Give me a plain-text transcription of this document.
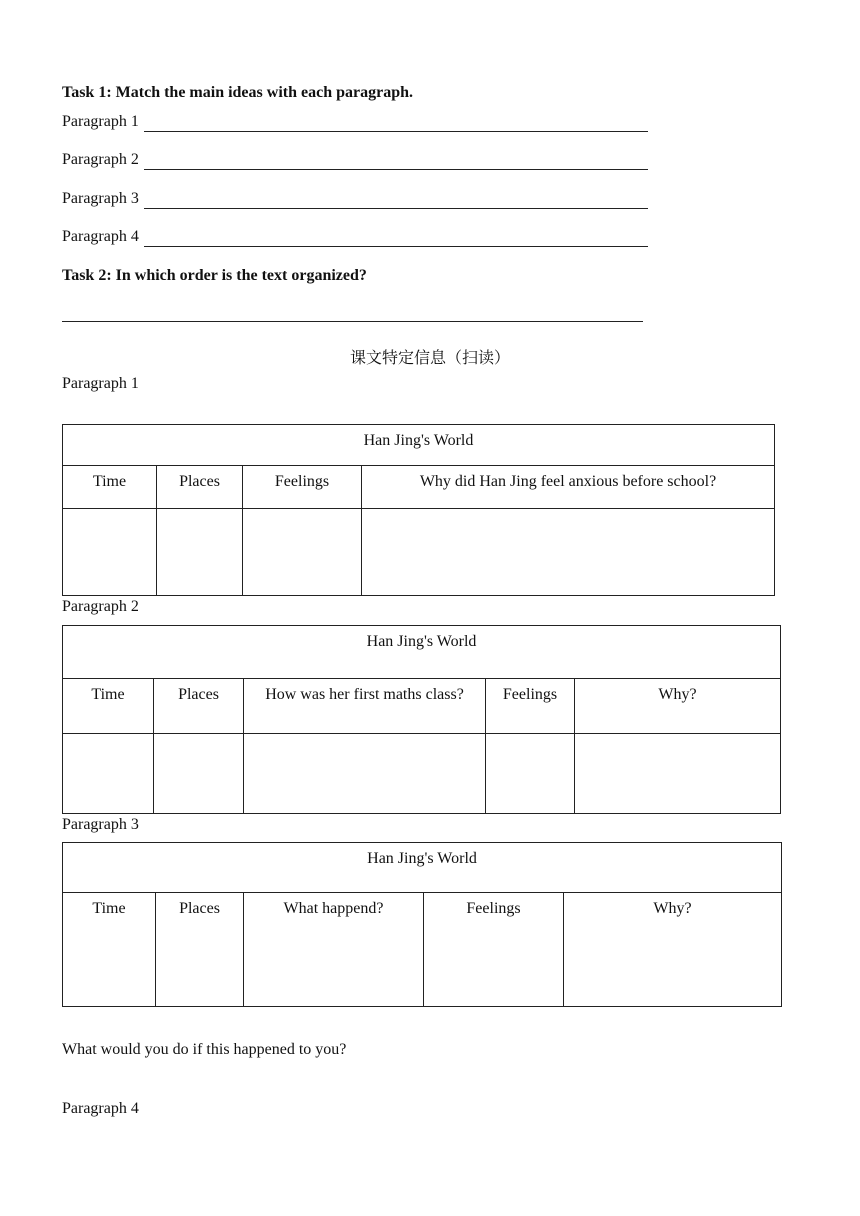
Task 1: Match the main ideas with each paragraph.
Paragraph 1
Paragraph 2
Paragraph 3
Paragraph 4
Task 2: In which order is the text organized?
课文特定信息（扫读）
Paragraph 1
Han Jing's World			
Time	Places	Feelings	Why did Han Jing feel anxious before school?

Paragraph 2
Han Jing's World				
Time	Places	How was her first maths class?	Feelings	Why?

Paragraph 3
Han Jing's World
Time	Places	What happend?	Feelings	Why?
What would you do if this happened to you?
Paragraph 4
